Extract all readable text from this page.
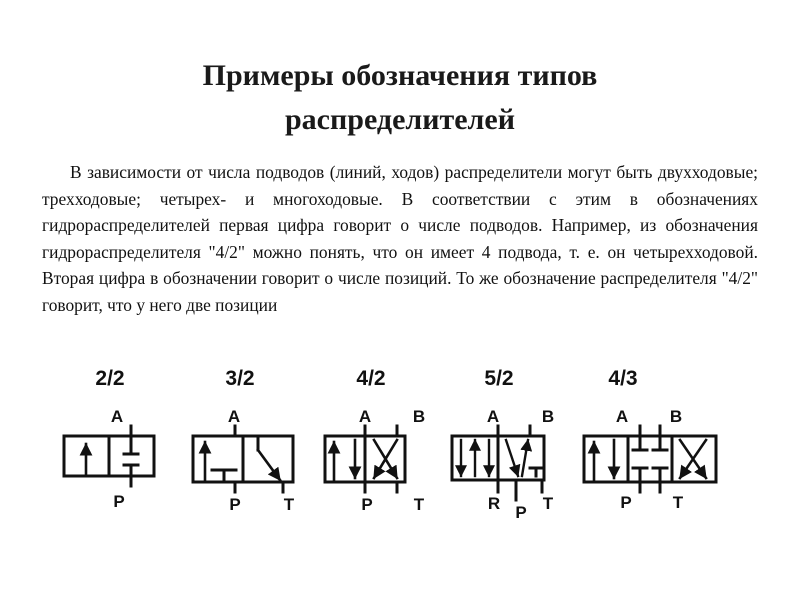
Примеры обозначения типов
распределителей

В зависимости от числа подводов (линий, ходов) распределители могут быть двухходовые; трехходовые; четырех- и многоходовые. В соответствии с этим в обозначениях гидрораспределителей первая цифра говорит о числе подводов. Например, из обозначения гидрораспределителя "4/2" можно понять, что он имеет 4 подвода, т. е. он четырехходовой. Вторая цифра в обозначении говорит о числе позиций. То же обозначение распределителя "4/2" говорит, что у него две позиции

2/2	3/2	4/2	5/2	4/3
A
P
A
P	T
A B
P T
A	B
R P T
A B
P T
